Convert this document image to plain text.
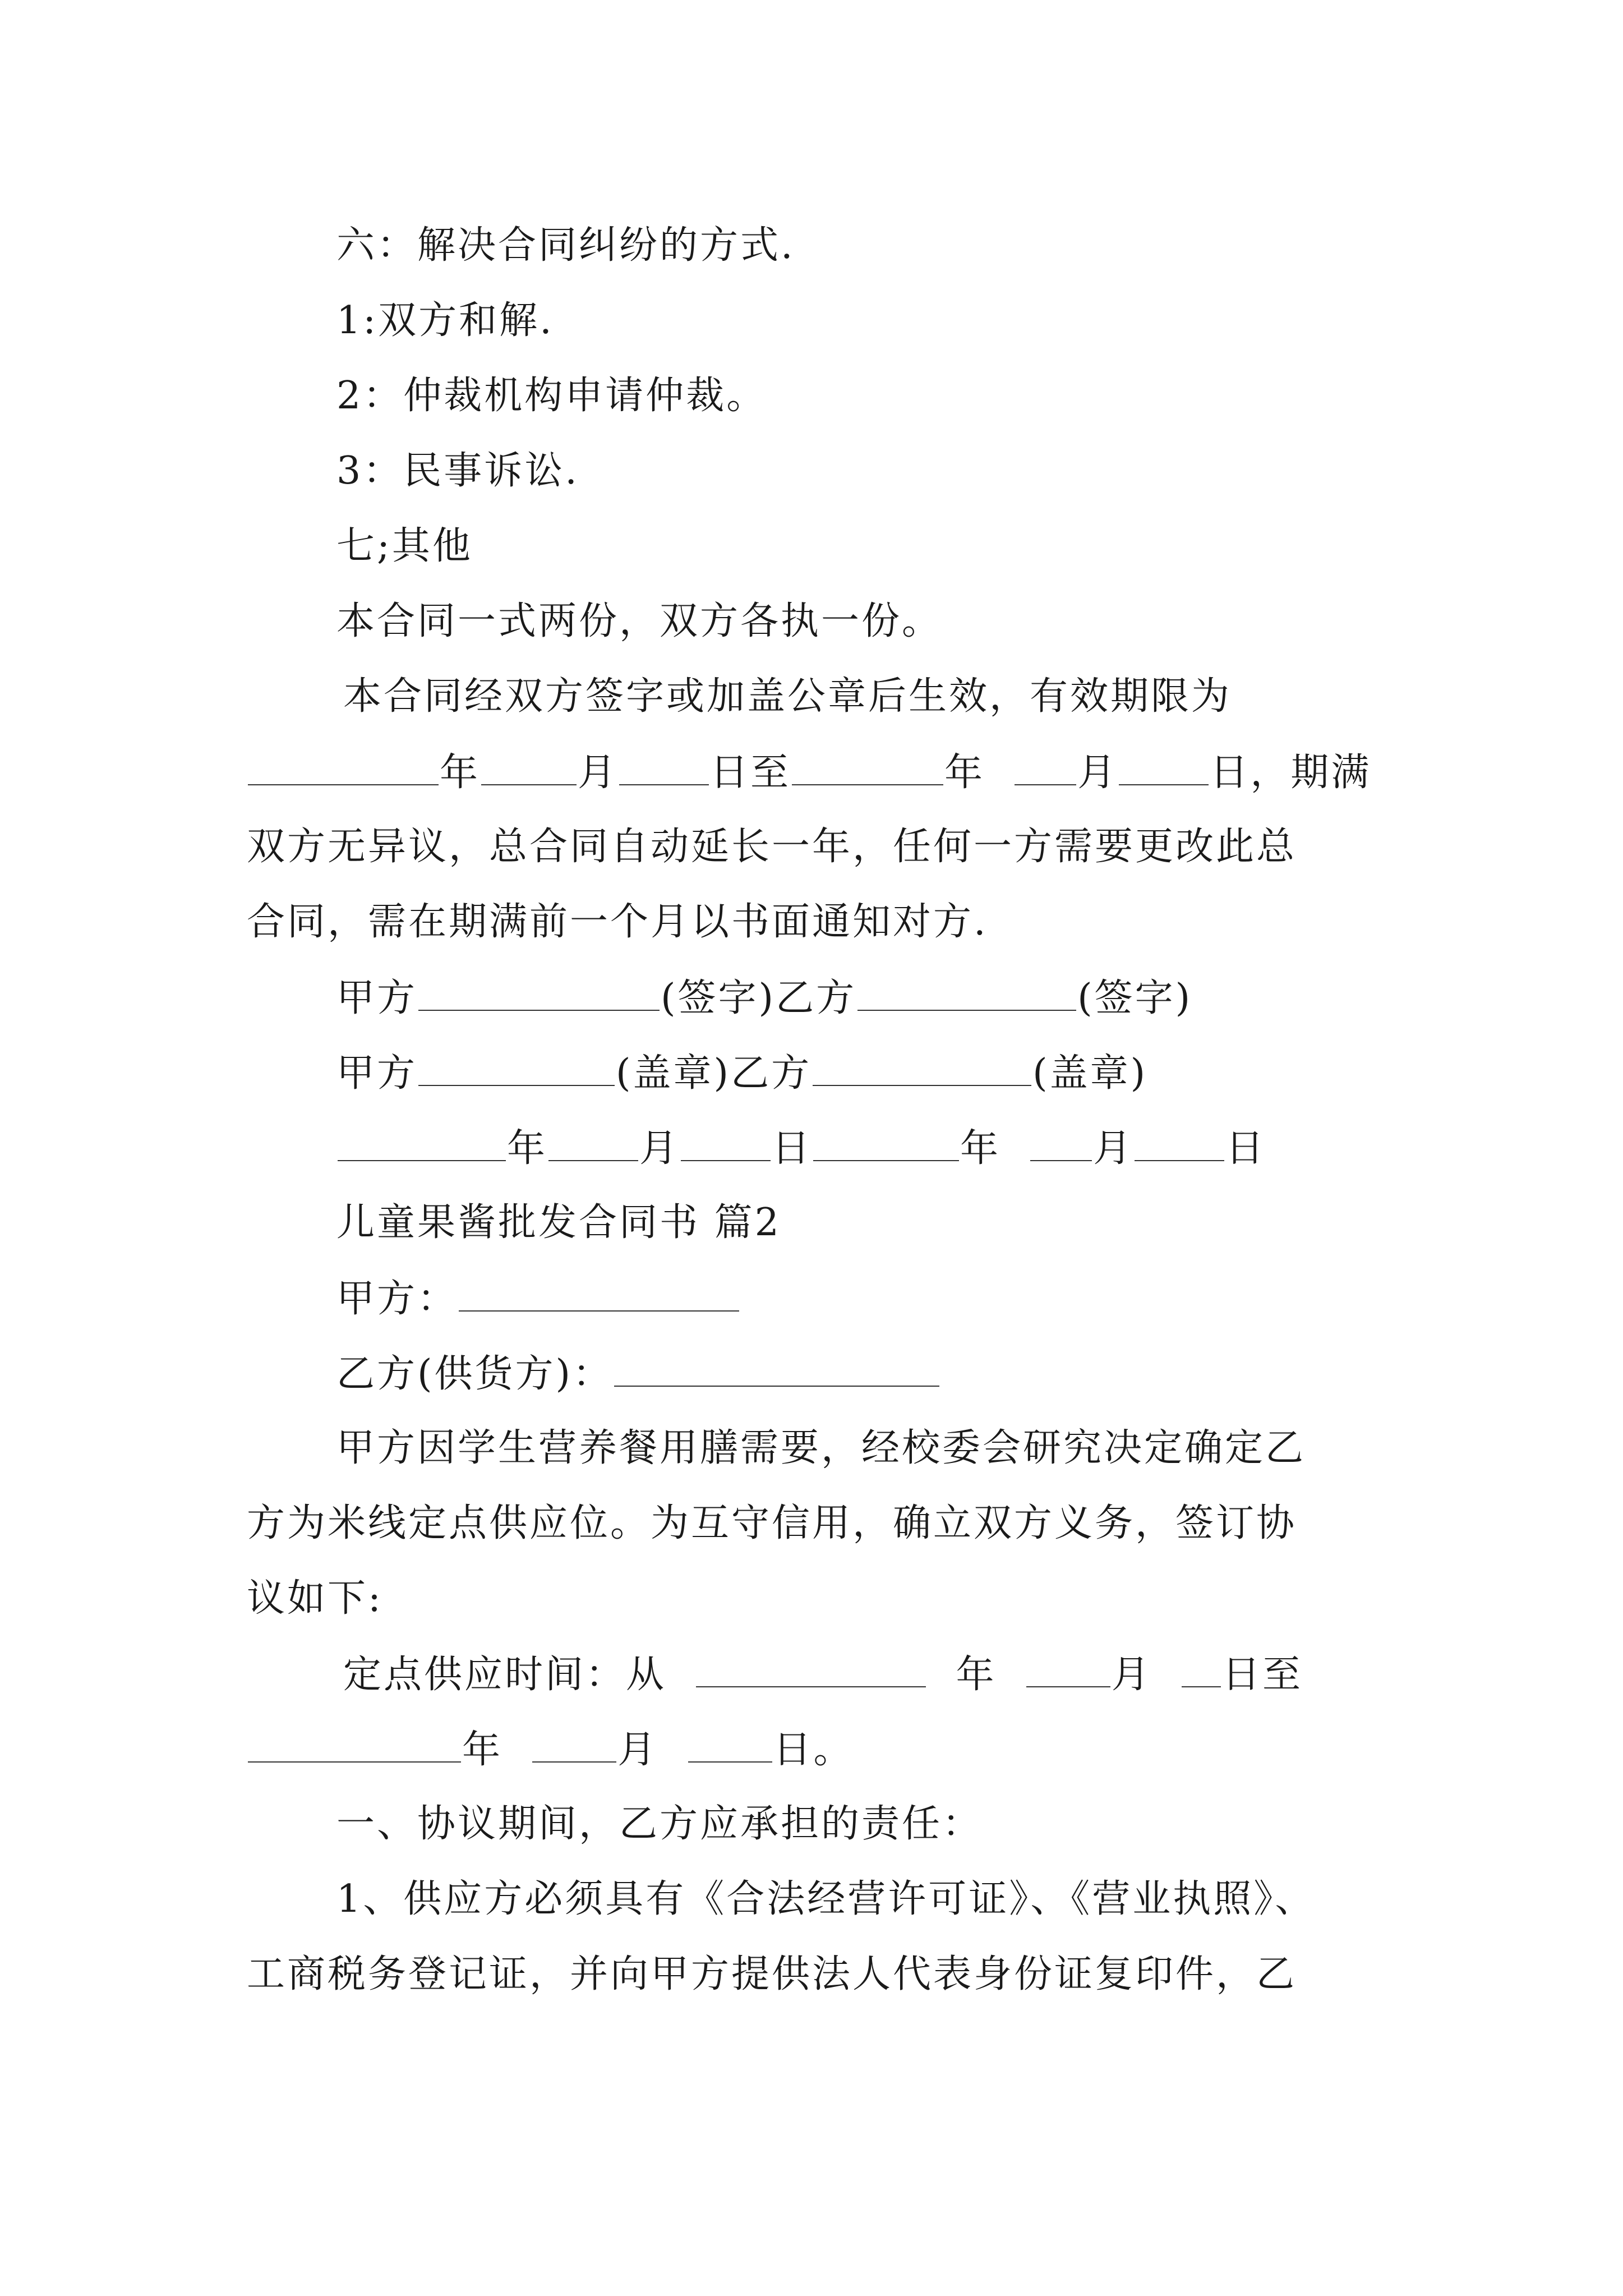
六：解决合同纠纷的方式.
1:双方和解.
2：仲裁机构申请仲裁。
3：民事诉讼.
七;其他
本合同一式两份，双方各执一份。
本合同经双方签字或加盖公章后生效，有效期限为
年	月 日至	年 月 日，期满
双方无异议，总合同自动延长一年，任何一方需要更改此总
合同，需在期满前一个月以书面通知对方.
甲方	(签字)乙方	(签字)
甲方	(盖章)乙方	(盖章)
年 月 日	年 月 日
儿童果酱批发合同书 篇2
甲方：
乙方(供货方)：
甲方因学生营养餐用膳需要，经校委会研究决定确定乙
方为米线定点供应位。为互守信用，确立双方义务，签订协
议如下:
定点供应时间：从	年	月 日至
年	月	日。
一、协议期间，乙方应承担的责任：
1、供应方必须具有《合法经营许可证》、《营业执照》、
工商税务登记证，并向甲方提供法人代表身份证复印件，乙
